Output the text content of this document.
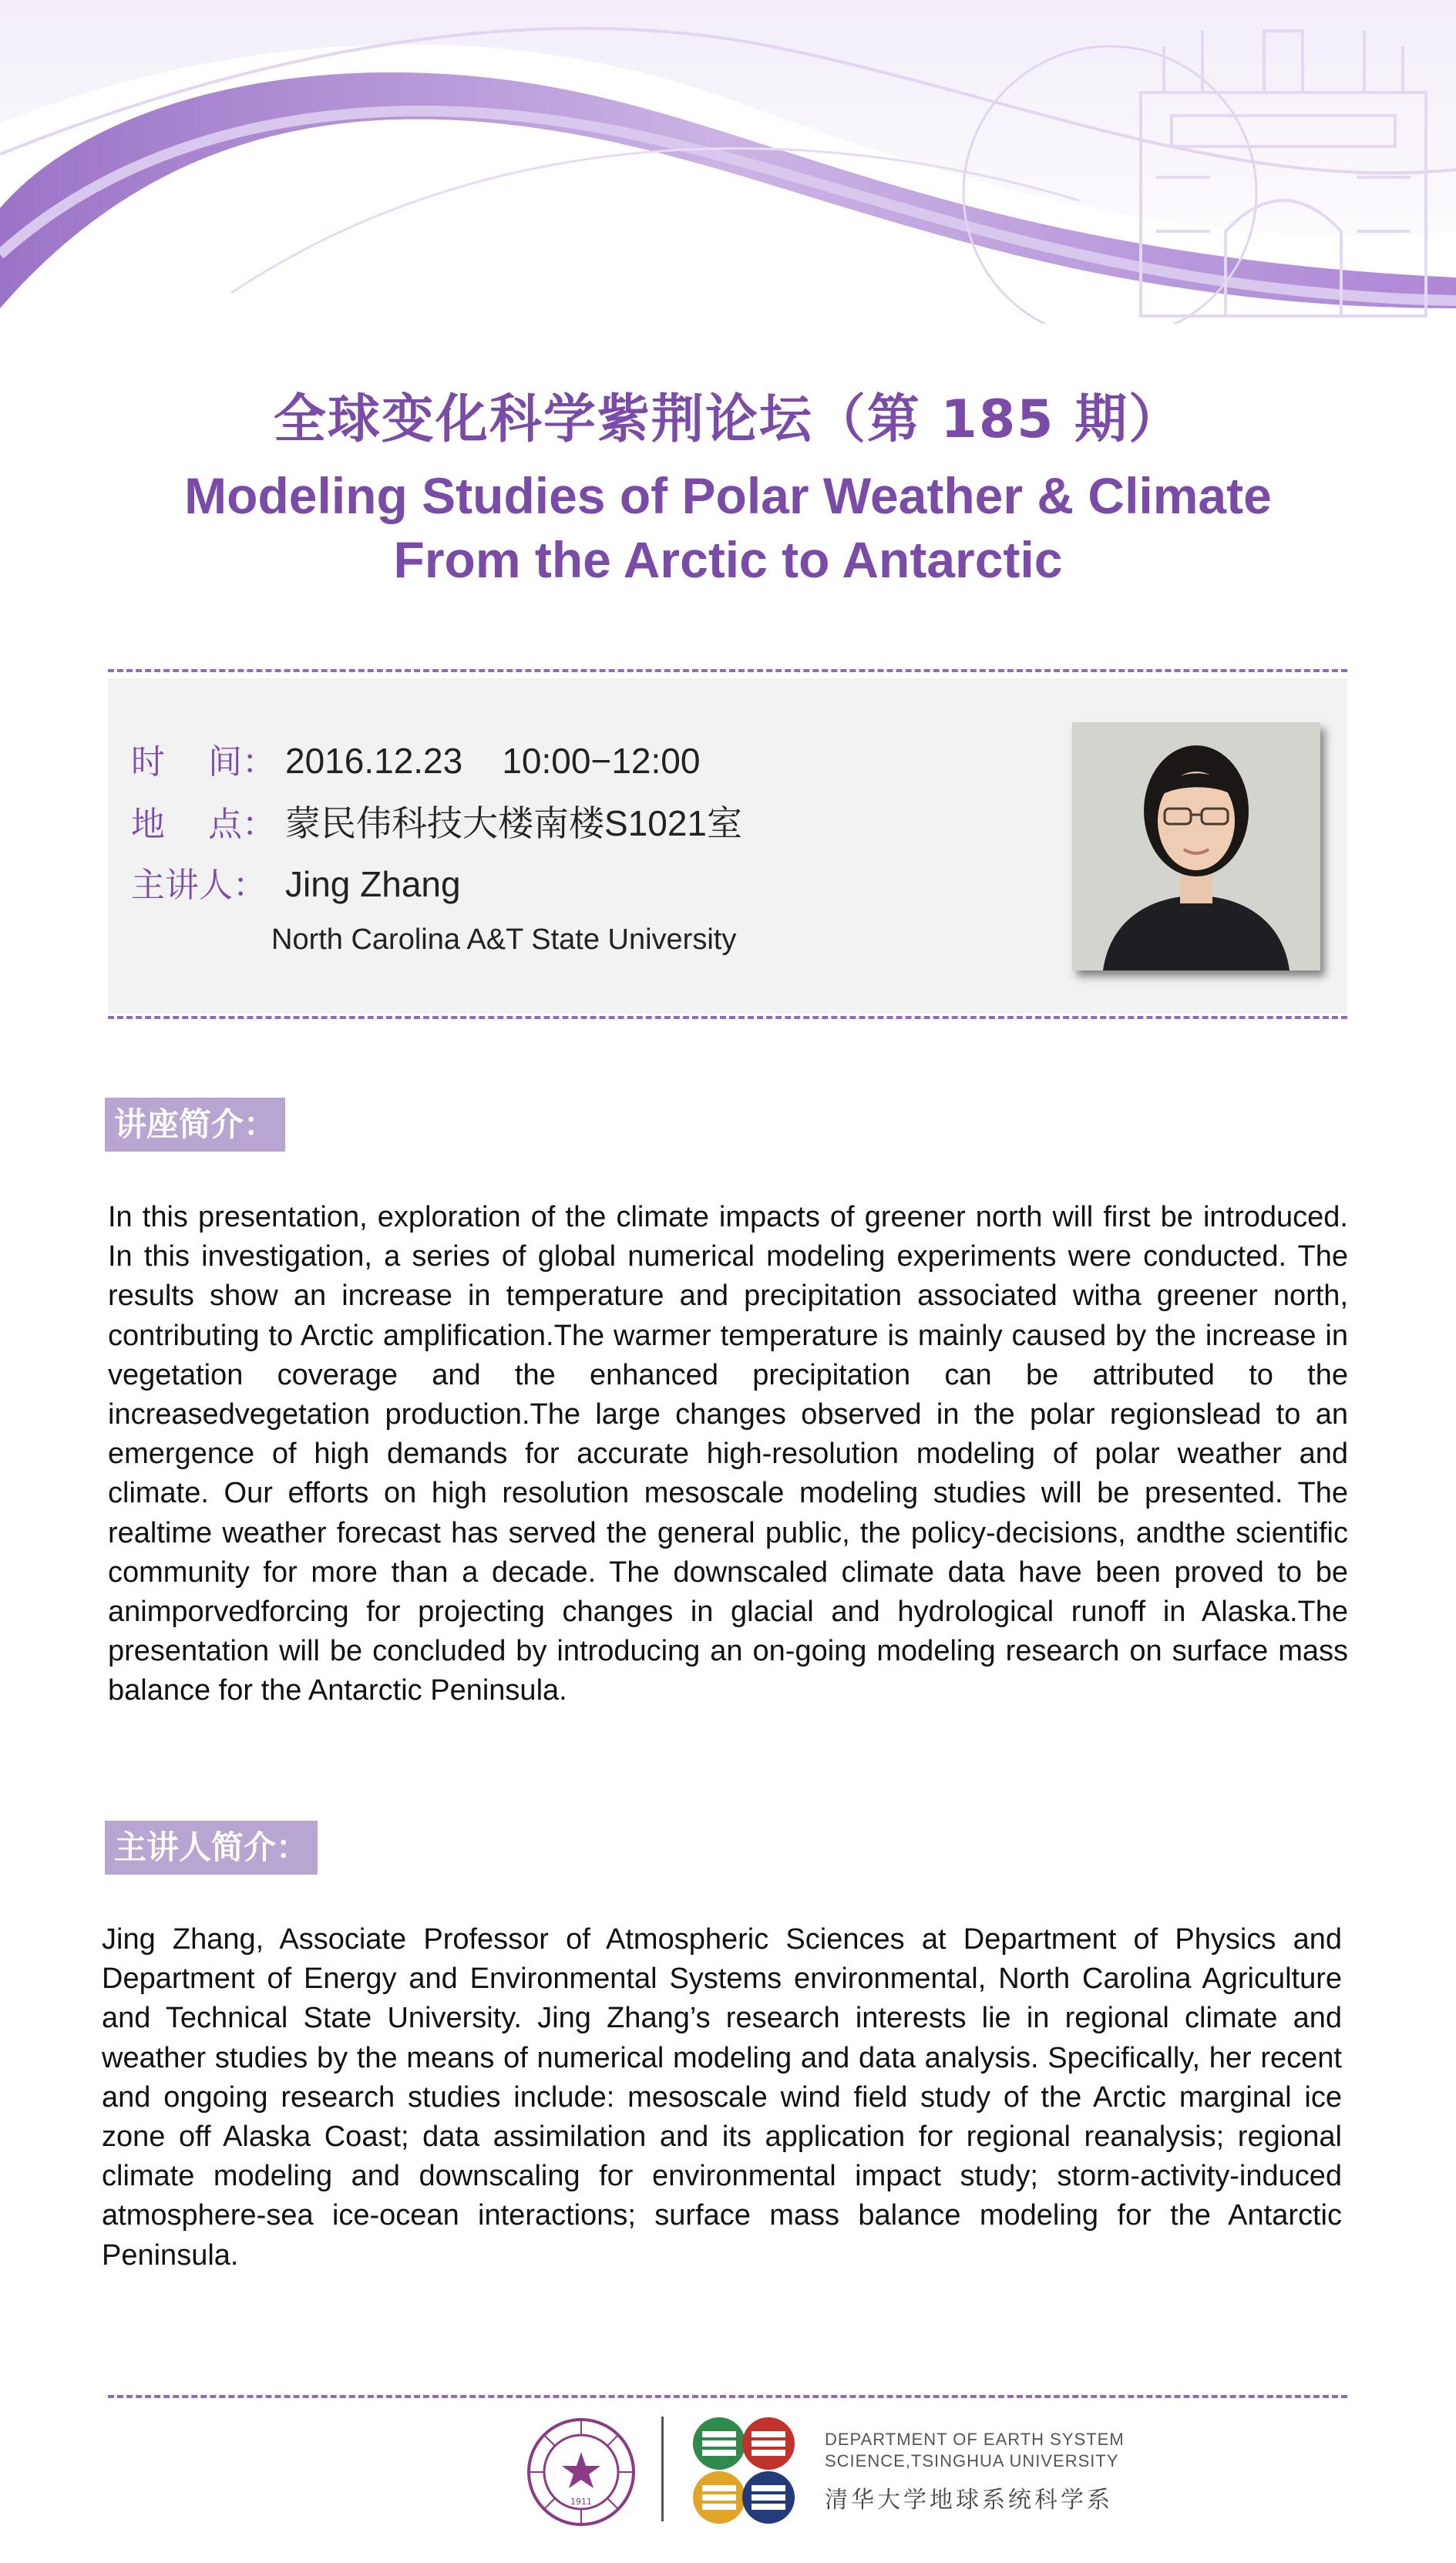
全球变化科学紫荆论坛（第 185 期）
Modeling Studies of Polar Weather & Climate
From the Arctic to Antarctic
时    间： 2016.12.23    10:00−12:00
地    点： 蒙民伟科技大楼南楼S1021室
主讲人： Jing Zhang
North Carolina A&T State University
讲座简介：
In this presentation, exploration of the climate impacts of greener north will first be introduced. In this investigation, a series of global numerical modeling experiments were conducted. The results show an increase in temperature and precipitation associated witha greener north, contributing to Arctic amplification.The warmer temperature is mainly caused by the increase in vegetation coverage and the enhanced precipitation can be attributed to the increasedvegetation production.The large changes observed in the polar regionslead to an emergence of high demands for accurate high-resolution modeling of polar weather and climate. Our efforts on high resolution mesoscale modeling studies will be presented. The realtime weather forecast has served the general public, the policy-decisions, andthe scientific community for more than a decade. The downscaled climate data have been proved to be animporvedforcing for projecting changes in glacial and hydrological runoff in Alaska.The presentation will be concluded by introducing an on-going modeling research on surface mass balance for the Antarctic Peninsula.
主讲人简介：
Jing Zhang, Associate Professor of Atmospheric Sciences at Department of Physics and Department of Energy and Environmental Systems environmental, North Carolina Agriculture and Technical State University. Jing Zhang’s research interests lie in regional climate and weather studies by the means of numerical modeling and data analysis. Specifically, her recent and ongoing research studies include: mesoscale wind field study of the Arctic marginal ice zone off Alaska Coast; data assimilation and its application for regional reanalysis; regional climate modeling and downscaling for environmental impact study; storm-activity-induced atmosphere-sea ice-ocean interactions; surface mass balance modeling for the Antarctic Peninsula.
1911
DEPARTMENT OF EARTH SYSTEM
SCIENCE,TSINGHUA UNIVERSITY
清华大学地球系统科学系
